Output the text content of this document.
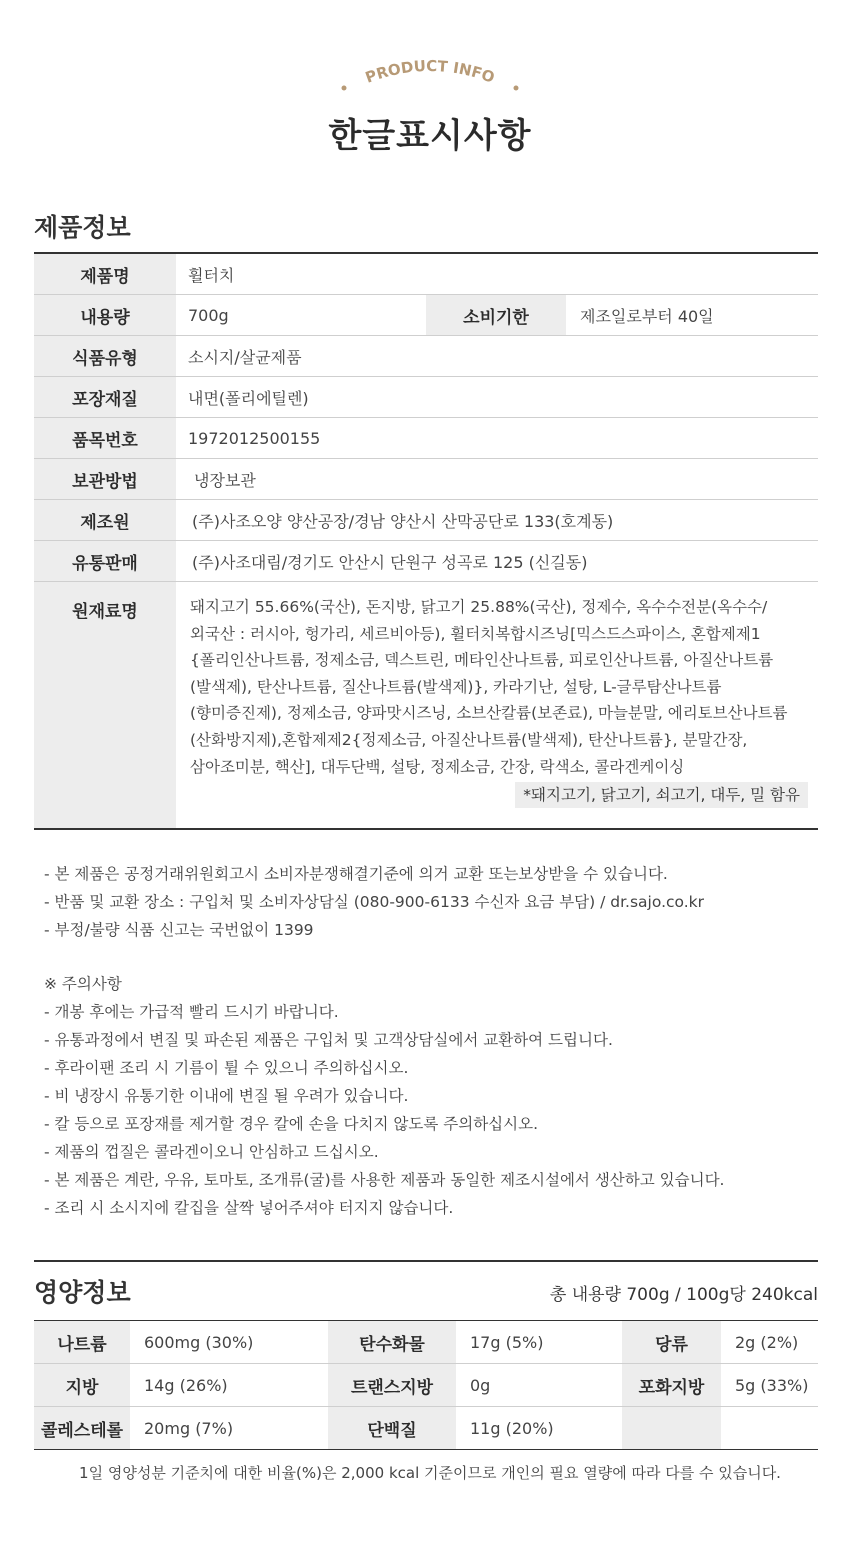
PRODUCT INFO
한글표시사항
제품정보
제품명	휠터치
내용량	700g	소비기한	제조일로부터 40일
식품유형	소시지/살균제품
포장재질	내면(폴리에틸렌)
품목번호	1972012500155
보관방법	냉장보관
제조원	(주)사조오양 양산공장/경남 양산시 산막공단로 133(호계동)
유통판매	(주)사조대림/경기도 안산시 단원구 성곡로 125 (신길동)
원재료명	돼지고기 55.66%(국산), 돈지방, 닭고기 25.88%(국산), 정제수, 옥수수전분(옥수수/

외국산 : 러시아, 헝가리, 세르비아등), 휠터치복합시즈닝[믹스드스파이스, 혼합제제1

{폴리인산나트륨, 정제소금, 덱스트린, 메타인산나트륨, 피로인산나트륨, 아질산나트륨

(발색제), 탄산나트륨, 질산나트륨(발색제)}, 카라기난, 설탕, L-글루탐산나트륨

(향미증진제), 정제소금, 양파맛시즈닝, 소브산칼륨(보존료), 마늘분말, 에리토브산나트륨

(산화방지제),혼합제제2{정제소금, 아질산나트륨(발색제), 탄산나트륨}, 분말간장,

삼아조미분, 핵산], 대두단백, 설탕, 정제소금, 간장, 락색소, 콜라겐케이싱

*돼지고기, 닭고기, 쇠고기, 대두, 밀 함유

- 본 제품은 공정거래위원회고시 소비자분쟁해결기준에 의거 교환 또는보상받을 수 있습니다.

- 반품 및 교환 장소 : 구입처 및 소비자상담실 (080-900-6133 수신자 요금 부담) / dr.sajo.co.kr

- 부정/불량 식품 신고는 국번없이 1399

※ 주의사항

- 개봉 후에는 가급적 빨리 드시기 바랍니다.

- 유통과정에서 변질 및 파손된 제품은 구입처 및 고객상담실에서 교환하여 드립니다.

- 후라이팬 조리 시 기름이 튈 수 있으니 주의하십시오.

- 비 냉장시 유통기한 이내에 변질 될 우려가 있습니다.

- 칼 등으로 포장재를 제거할 경우 칼에 손을 다치지 않도록 주의하십시오.

- 제품의 껍질은 콜라겐이오니 안심하고 드십시오.

- 본 제품은 계란, 우유, 토마토, 조개류(굴)를 사용한 제품과 동일한 제조시설에서 생산하고 있습니다.

- 조리 시 소시지에 칼집을 살짝 넣어주셔야 터지지 않습니다.

영양정보	총 내용량 700g / 100g당 240kcal
나트륨	600mg (30%)	탄수화물	17g (5%)	당류	2g (2%)
지방	14g (26%)	트랜스지방	0g	포화지방	5g (33%)
콜레스테롤	20mg (7%)	단백질	11g (20%)
1일 영양성분 기준치에 대한 비율(%)은 2,000 kcal 기준이므로 개인의 필요 열량에 따라 다를 수 있습니다.
